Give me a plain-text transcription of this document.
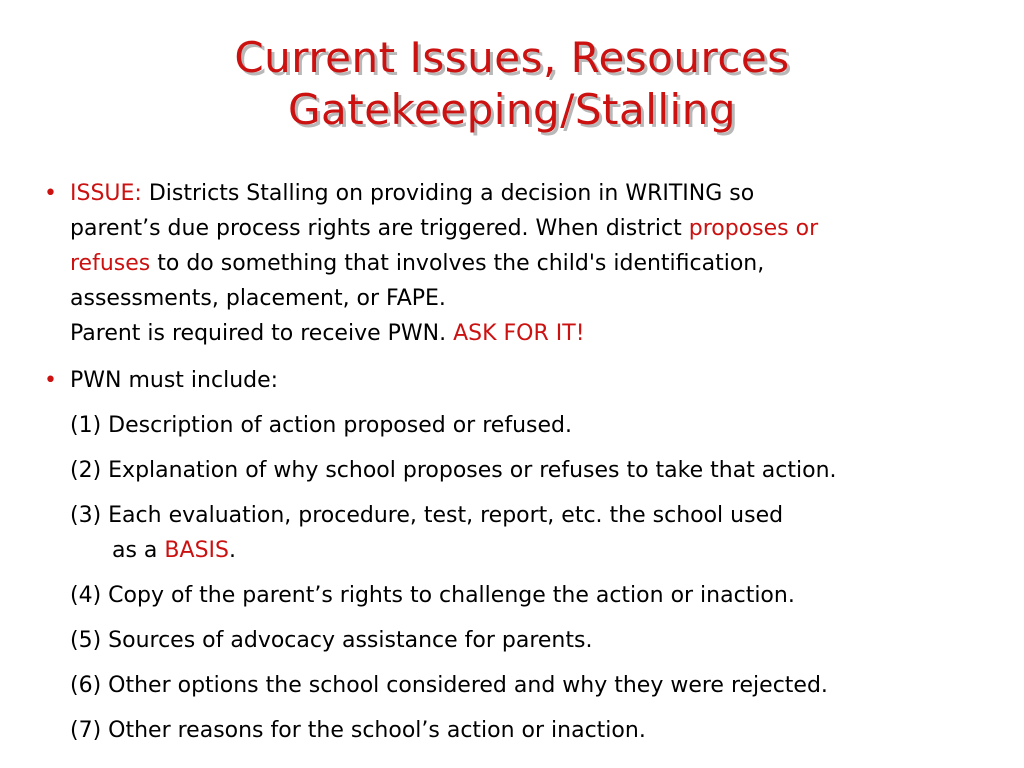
Current Issues, Resources
Gatekeeping/Stalling
• ISSUE: Districts Stalling on providing a decision in WRITING so
parent’s due process rights are triggered. When district proposes or
refuses to do something that involves the child's identification,
assessments, placement, or FAPE.
Parent is required to receive PWN. ASK FOR IT!
• PWN must include:
(1) Description of action proposed or refused.
(2) Explanation of why school proposes or refuses to take that action.
(3) Each evaluation, procedure, test, report, etc. the school used
as a BASIS.
(4) Copy of the parent’s rights to challenge the action or inaction.
(5) Sources of advocacy assistance for parents.
(6) Other options the school considered and why they were rejected.
(7) Other reasons for the school’s action or inaction.
